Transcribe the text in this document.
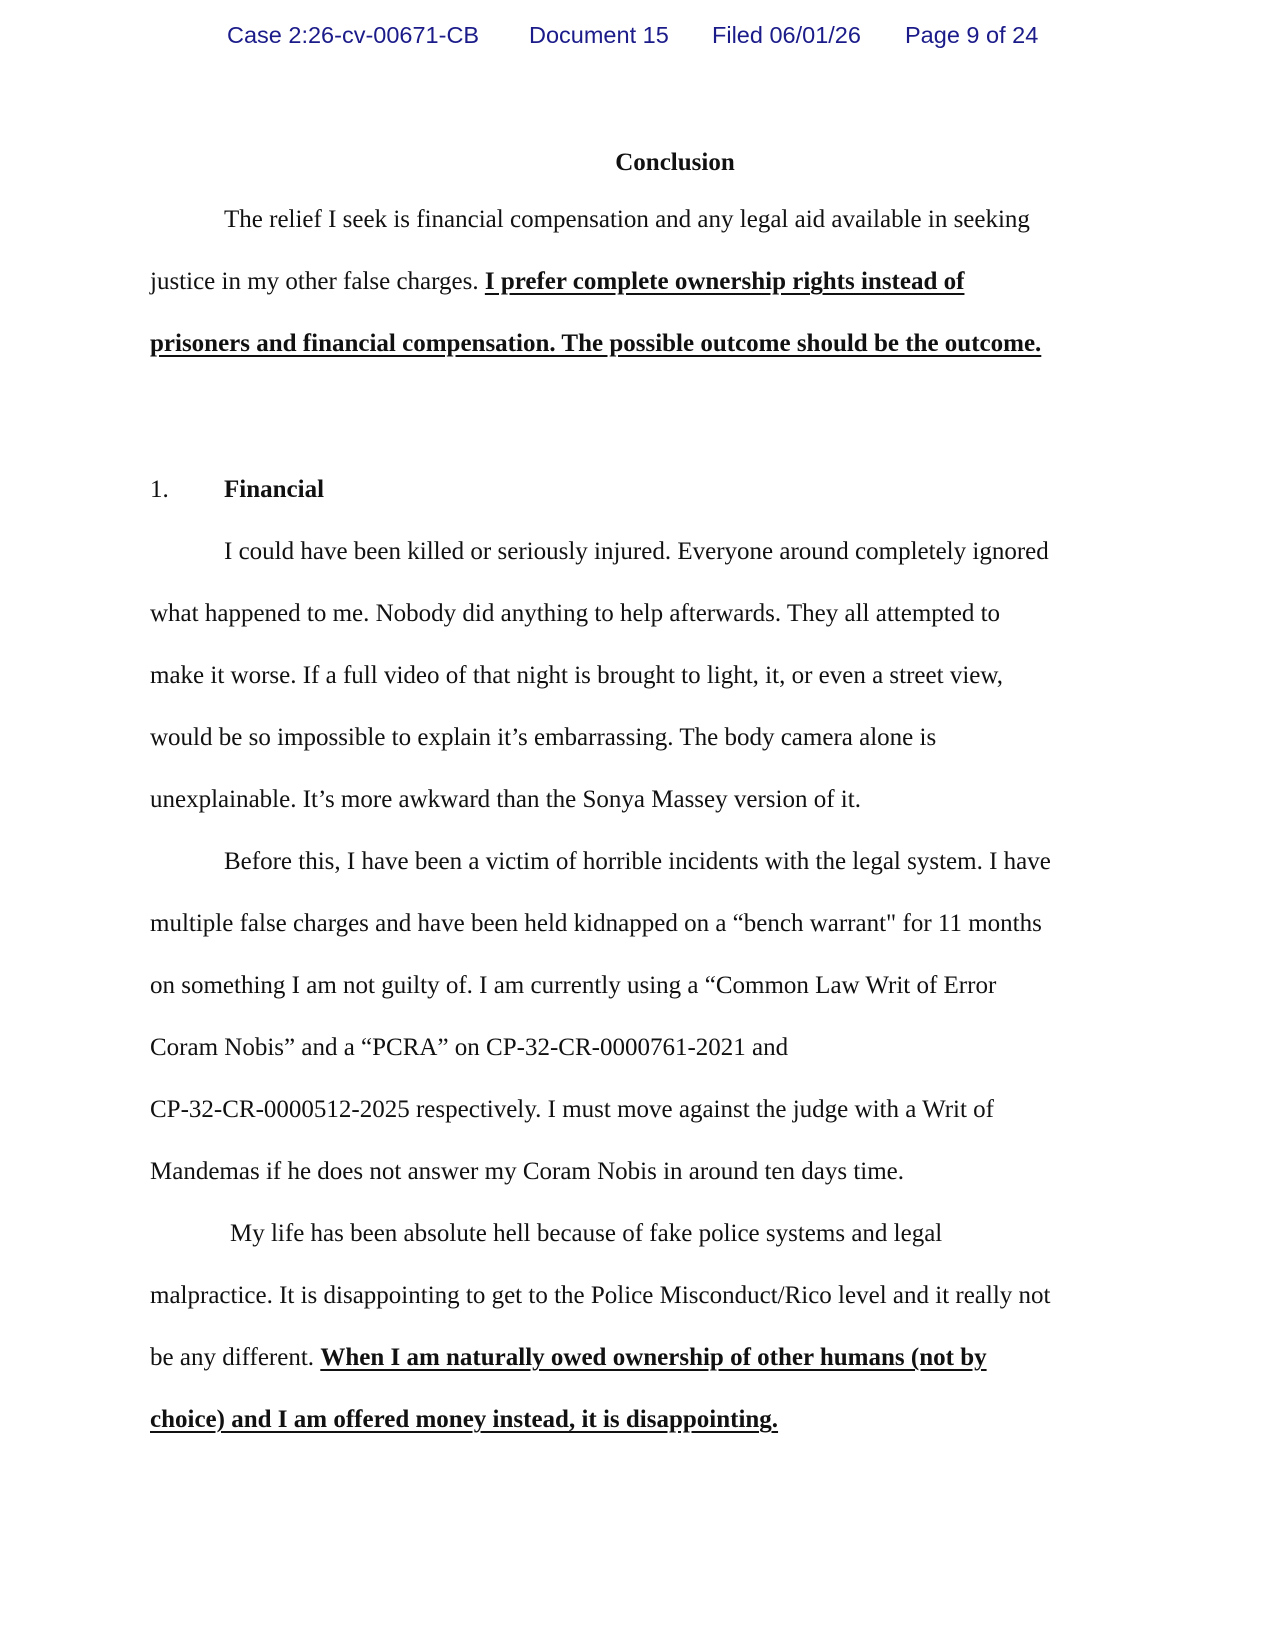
Case 2:26-cv-00671-CB Document 15 Filed 06/01/26 Page 9 of 24
Conclusion
The relief I seek is financial compensation and any legal aid available in seeking
justice in my other false charges. I prefer complete ownership rights instead of
prisoners and financial compensation. The possible outcome should be the outcome.
1. Financial
I could have been killed or seriously injured. Everyone around completely ignored
what happened to me. Nobody did anything to help afterwards. They all attempted to
make it worse. If a full video of that night is brought to light, it, or even a street view,
would be so impossible to explain it’s embarrassing. The body camera alone is
unexplainable. It’s more awkward than the Sonya Massey version of it.
Before this, I have been a victim of horrible incidents with the legal system. I have
multiple false charges and have been held kidnapped on a “bench warrant" for 11 months
on something I am not guilty of. I am currently using a “Common Law Writ of Error
Coram Nobis” and a “PCRA” on CP-32-CR-0000761-2021 and
CP-32-CR-0000512-2025 respectively. I must move against the judge with a Writ of
Mandemas if he does not answer my Coram Nobis in around ten days time.
My life has been absolute hell because of fake police systems and legal
malpractice. It is disappointing to get to the Police Misconduct/Rico level and it really not
be any different. When I am naturally owed ownership of other humans (not by
choice) and I am offered money instead, it is disappointing.
